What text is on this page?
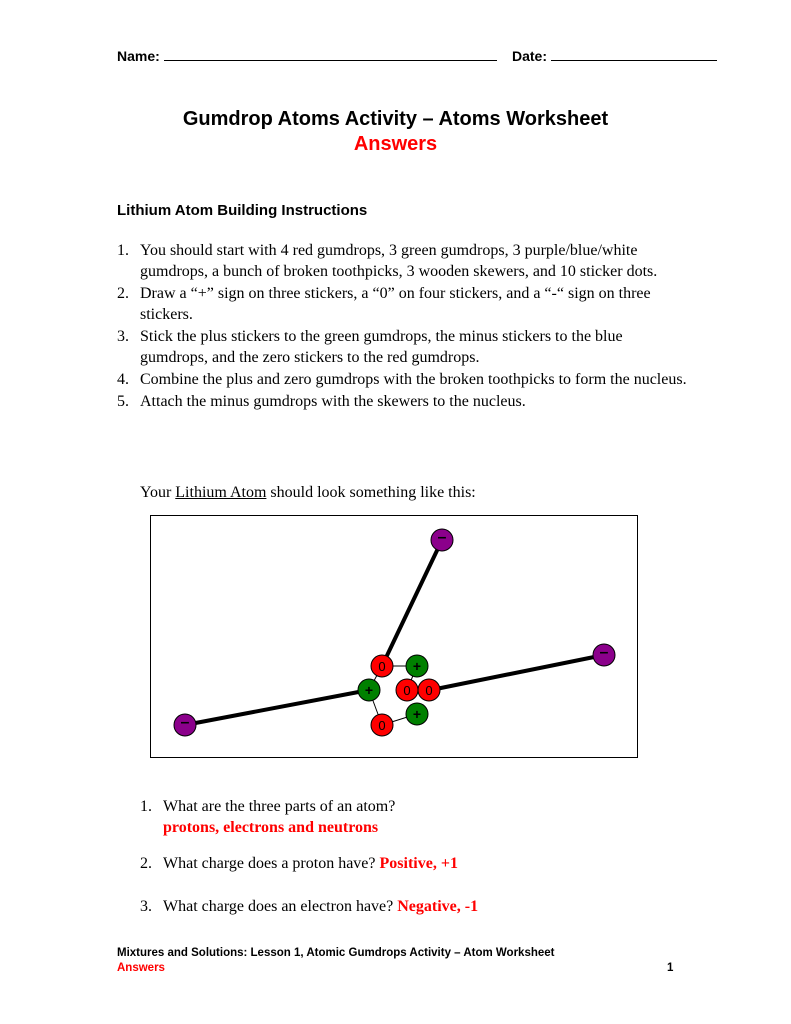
Name:	Date:
Gumdrop Atoms Activity – Atoms Worksheet
Answers
Lithium Atom Building Instructions
1. You should start with 4 red gumdrops, 3 green gumdrops, 3 purple/blue/white gumdrops, a bunch of broken toothpicks, 3 wooden skewers, and 10 sticker dots.
2. Draw a “+” sign on three stickers, a “0” on four stickers, and a “-“ sign on three stickers.
3. Stick the plus stickers to the green gumdrops, the minus stickers to the blue gumdrops, and the zero stickers to the red gumdrops.
4. Combine the plus and zero gumdrops with the broken toothpicks to form the nucleus.
5. Attach the minus gumdrops with the skewers to the nucleus.
Your Lithium Atom should look something like this:
–
–
–
0 +
+ 0 0
0
+
1. What are the three parts of an atom?
protons, electrons and neutrons
2. What charge does a proton have? Positive, +1
3. What charge does an electron have? Negative, -1
Mixtures and Solutions: Lesson 1, Atomic Gumdrops Activity – Atom Worksheet
Answers	1
